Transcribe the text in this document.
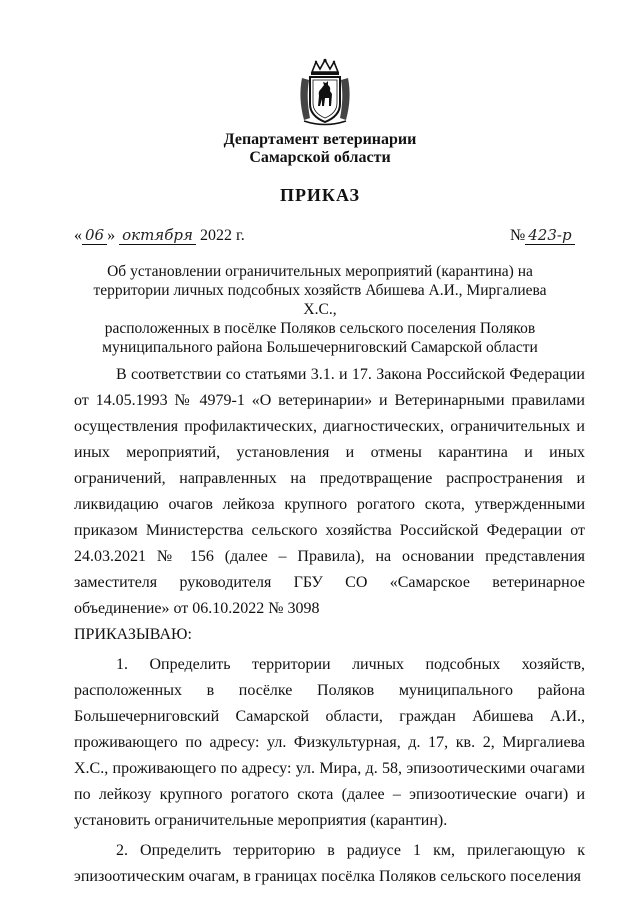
Департамент ветеринарии
Самарской области
ПРИКАЗ
« 06 » октября 2022 г.	№ 423-р
Об установлении ограничительных мероприятий (карантина) на
территории личных подсобных хозяйств Абишева А.И., Миргалиева Х.С.,
расположенных в посёлке Поляков сельского поселения Поляков
муниципального района Большечерниговский Самарской области

В соответствии со статьями 3.1. и 17. Закона Российской Федерации от 14.05.1993 № 4979-1 «О ветеринарии» и Ветеринарными правилами осуществления профилактических, диагностических, ограничительных и иных мероприятий, установления и отмены карантина и иных ограничений, направленных на предотвращение распространения и ликвидацию очагов лейкоза крупного рогатого скота, утвержденными приказом Министерства сельского хозяйства Российской Федерации от 24.03.2021 № 156 (далее – Правила), на основании представления заместителя руководителя ГБУ СО «Самарское ветеринарное объединение» от 06.10.2022 № 3098

ПРИКАЗЫВАЮ:

1. Определить территории личных подсобных хозяйств, расположенных в посёлке Поляков муниципального района Большечерниговский Самарской области, граждан Абишева А.И., проживающего по адресу: ул. Физкультурная, д. 17, кв. 2, Миргалиева Х.С., проживающего по адресу: ул. Мира, д. 58, эпизоотическими очагами по лейкозу крупного рогатого скота (далее – эпизоотические очаги) и установить ограничительные мероприятия (карантин).

2. Определить территорию в радиусе 1 км, прилегающую к эпизоотическим очагам, в границах посёлка Поляков сельского поселения
